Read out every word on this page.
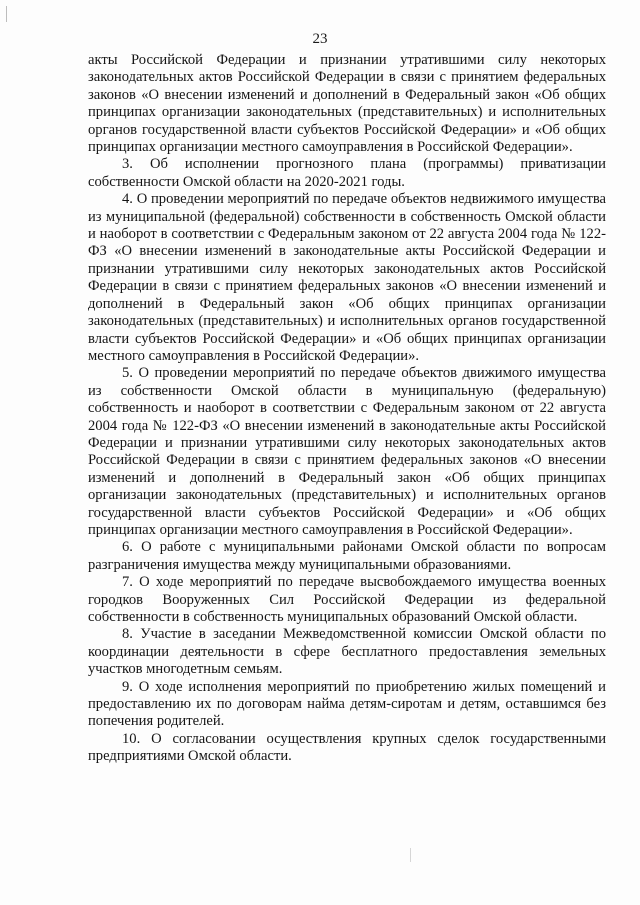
23

акты Российской Федерации и признании утратившими силу некоторых законодательных актов Российской Федерации в связи с принятием федеральных законов «О внесении изменений и дополнений в Федеральный закон «Об общих принципах организации законодательных (представительных) и исполнительных органов государственной власти субъектов Российской Федерации» и «Об общих принципах организации местного самоуправления в Российской Федерации».

3. Об исполнении прогнозного плана (программы) приватизации собственности Омской области на 2020-2021 годы.

4. О проведении мероприятий по передаче объектов недвижимого имущества из муниципальной (федеральной) собственности в собственность Омской области и наоборот в соответствии с Федеральным законом от 22 августа 2004 года № 122-ФЗ «О внесении изменений в законодательные акты Российской Федерации и признании утратившими силу некоторых законодательных актов Российской Федерации в связи с принятием федеральных законов «О внесении изменений и дополнений в Федеральный закон «Об общих принципах организации законодательных (представительных) и исполнительных органов государственной власти субъектов Российской Федерации» и «Об общих принципах организации местного самоуправления в Российской Федерации».

5. О проведении мероприятий по передаче объектов движимого имущества из собственности Омской области в муниципальную (федеральную) собственность и наоборот в соответствии с Федеральным законом от 22 августа 2004 года № 122-ФЗ «О внесении изменений в законодательные акты Российской Федерации и признании утратившими силу некоторых законодательных актов Российской Федерации в связи с принятием федеральных законов «О внесении изменений и дополнений в Федеральный закон «Об общих принципах организации законодательных (представительных) и исполнительных органов государственной власти субъектов Российской Федерации» и «Об общих принципах организации местного самоуправления в Российской Федерации».

6. О работе с муниципальными районами Омской области по вопросам разграничения имущества между муниципальными образованиями.

7. О ходе мероприятий по передаче высвобождаемого имущества военных городков Вооруженных Сил Российской Федерации из федеральной собственности в собственность муниципальных образований Омской области.

8. Участие в заседании Межведомственной комиссии Омской области по координации деятельности в сфере бесплатного предоставления земельных участков многодетным семьям.

9. О ходе исполнения мероприятий по приобретению жилых помещений и предоставлению их по договорам найма детям-сиротам и детям, оставшимся без попечения родителей.

10. О согласовании осуществления крупных сделок государственными предприятиями Омской области.
